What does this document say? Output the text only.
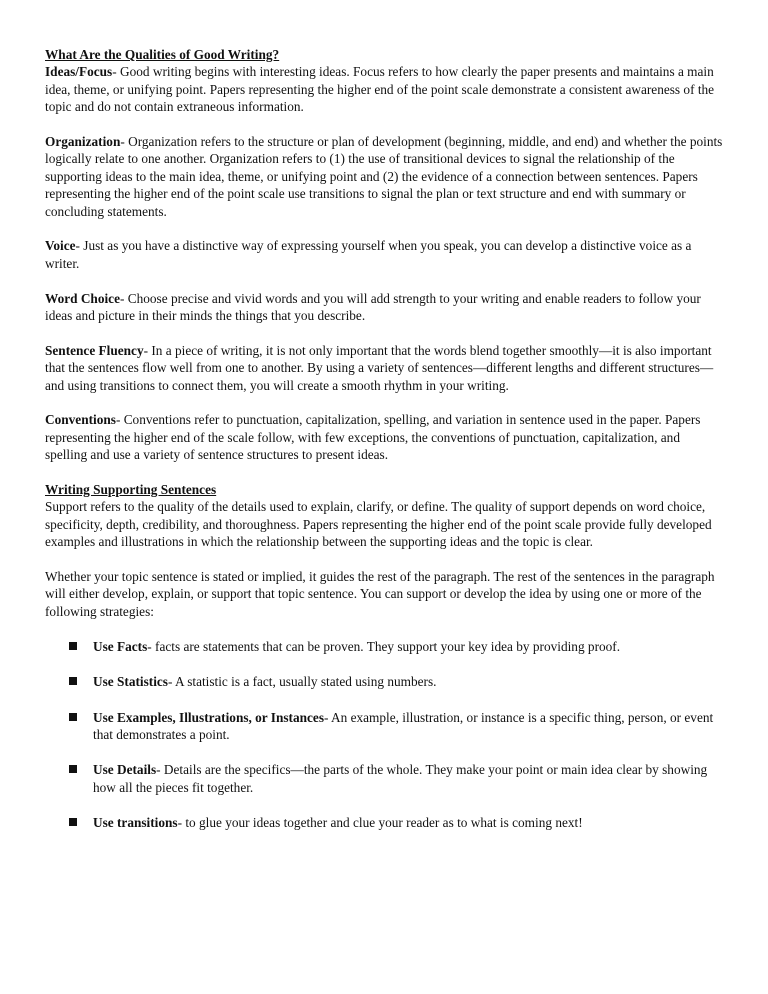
What Are the Qualities of Good Writing?

Ideas/Focus- Good writing begins with interesting ideas. Focus refers to how clearly the paper presents and maintains a main idea, theme, or unifying point. Papers representing the higher end of the point scale demonstrate a consistent awareness of the topic and do not contain extraneous information.

Organization- Organization refers to the structure or plan of development (beginning, middle, and end) and whether the points logically relate to one another. Organization refers to (1) the use of transitional devices to signal the relationship of the supporting ideas to the main idea, theme, or unifying point and (2) the evidence of a connection between sentences. Papers representing the higher end of the point scale use transitions to signal the plan or text structure and end with summary or concluding statements.

Voice- Just as you have a distinctive way of expressing yourself when you speak, you can develop a distinctive voice as a writer.

Word Choice- Choose precise and vivid words and you will add strength to your writing and enable readers to follow your ideas and picture in their minds the things that you describe.

Sentence Fluency- In a piece of writing, it is not only important that the words blend together smoothly—it is also important that the sentences flow well from one to another. By using a variety of sentences—different lengths and different structures—and using transitions to connect them, you will create a smooth rhythm in your writing.

Conventions- Conventions refer to punctuation, capitalization, spelling, and variation in sentence used in the paper. Papers representing the higher end of the scale follow, with few exceptions, the conventions of punctuation, capitalization, and spelling and use a variety of sentence structures to present ideas.

Writing Supporting Sentences

Support refers to the quality of the details used to explain, clarify, or define. The quality of support depends on word choice, specificity, depth, credibility, and thoroughness. Papers representing the higher end of the point scale provide fully developed examples and illustrations in which the relationship between the supporting ideas and the topic is clear.

Whether your topic sentence is stated or implied, it guides the rest of the paragraph. The rest of the sentences in the paragraph will either develop, explain, or support that topic sentence. You can support or develop the idea by using one or more of the following strategies:

Use Facts- facts are statements that can be proven. They support your key idea by providing proof.
Use Statistics- A statistic is a fact, usually stated using numbers.
Use Examples, Illustrations, or Instances- An example, illustration, or instance is a specific thing, person, or event that demonstrates a point.
Use Details- Details are the specifics—the parts of the whole. They make your point or main idea clear by showing how all the pieces fit together.
Use transitions- to glue your ideas together and clue your reader as to what is coming next!
